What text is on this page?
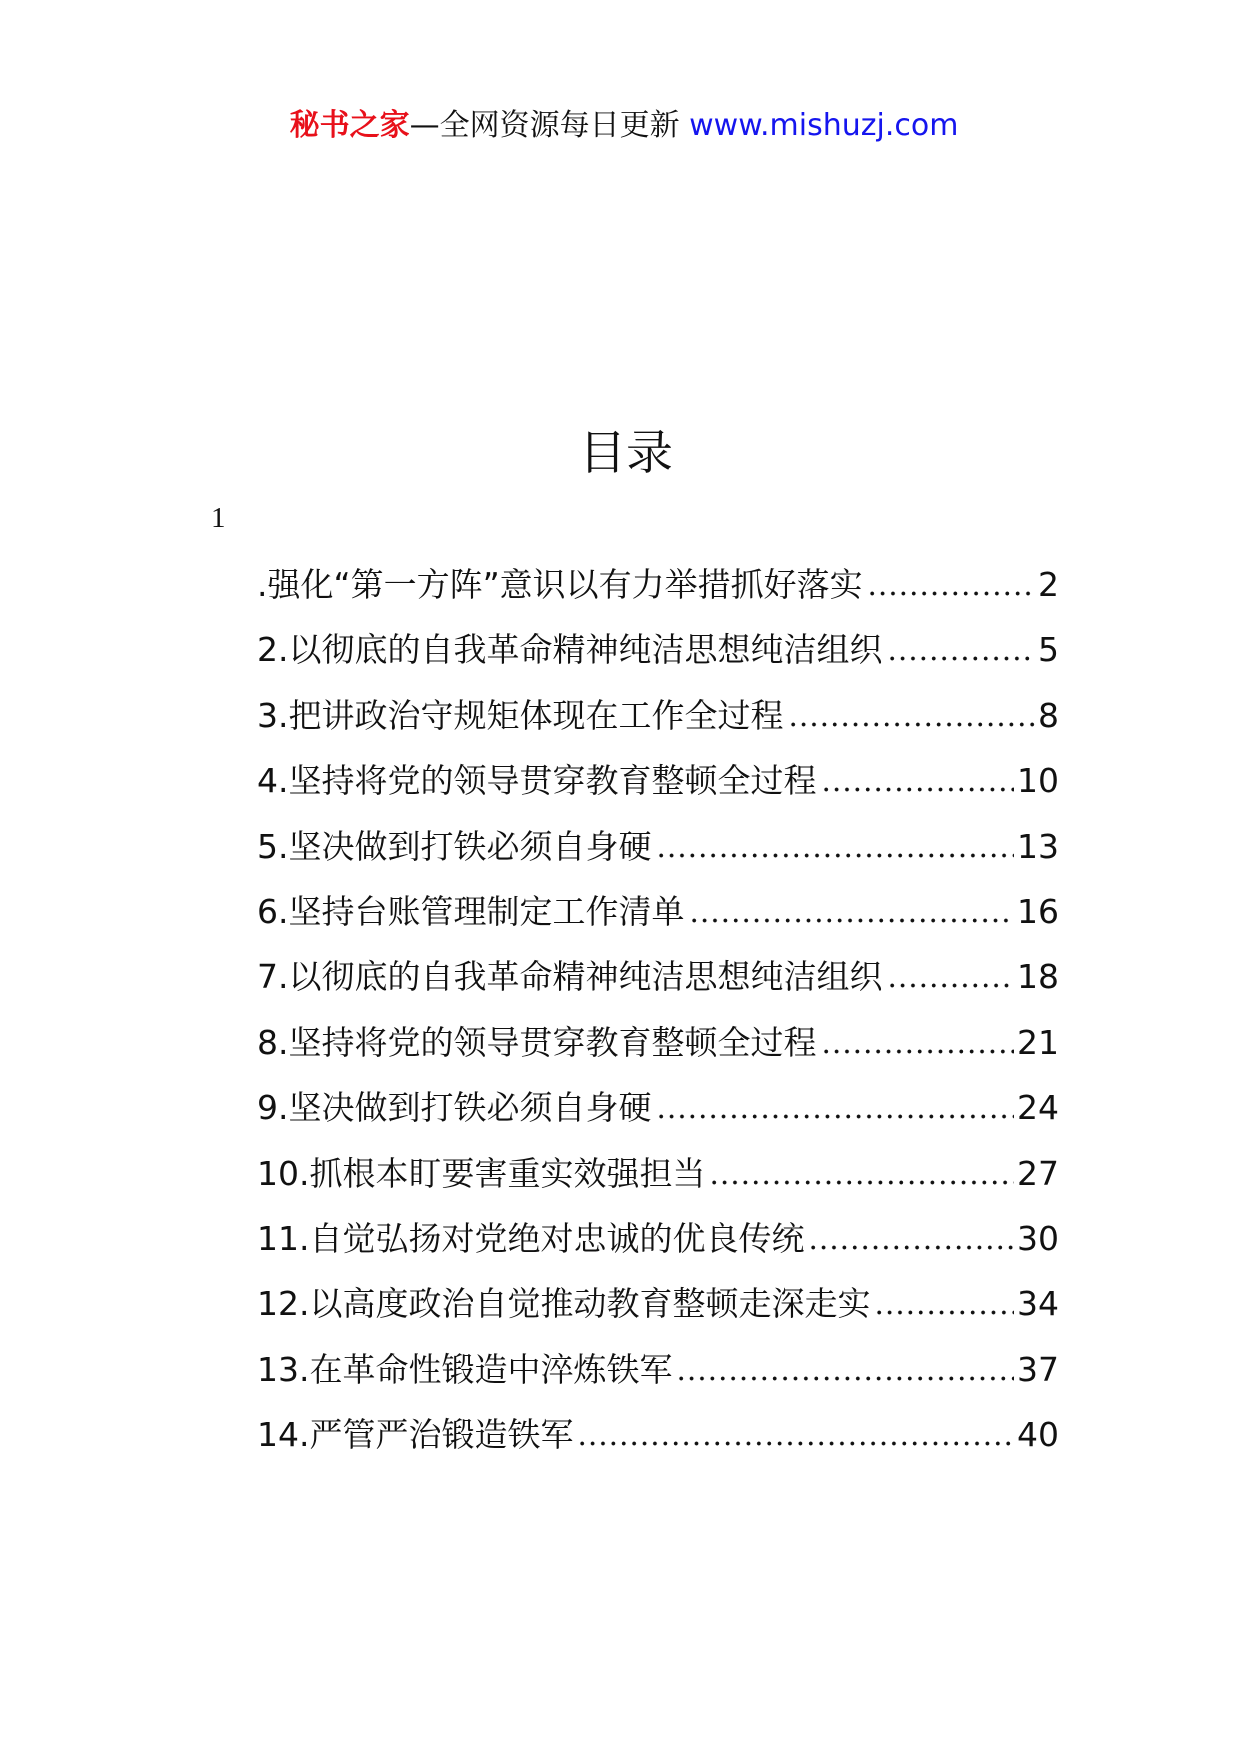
秘书之家—全网资源每日更新 www.mishuzj.com
目录
1
.强化“第一方阵”意识以有力举措抓好落实	2
2.以彻底的自我革命精神纯洁思想纯洁组织	5
3.把讲政治守规矩体现在工作全过程	8
4.坚持将党的领导贯穿教育整顿全过程	10
5.坚决做到打铁必须自身硬	13
6.坚持台账管理制定工作清单	16
7.以彻底的自我革命精神纯洁思想纯洁组织	18
8.坚持将党的领导贯穿教育整顿全过程	21
9.坚决做到打铁必须自身硬	24
10.抓根本盯要害重实效强担当	27
11.自觉弘扬对党绝对忠诚的优良传统	30
12.以高度政治自觉推动教育整顿走深走实	34
13.在革命性锻造中淬炼铁军	37
14.严管严治锻造铁军	40
